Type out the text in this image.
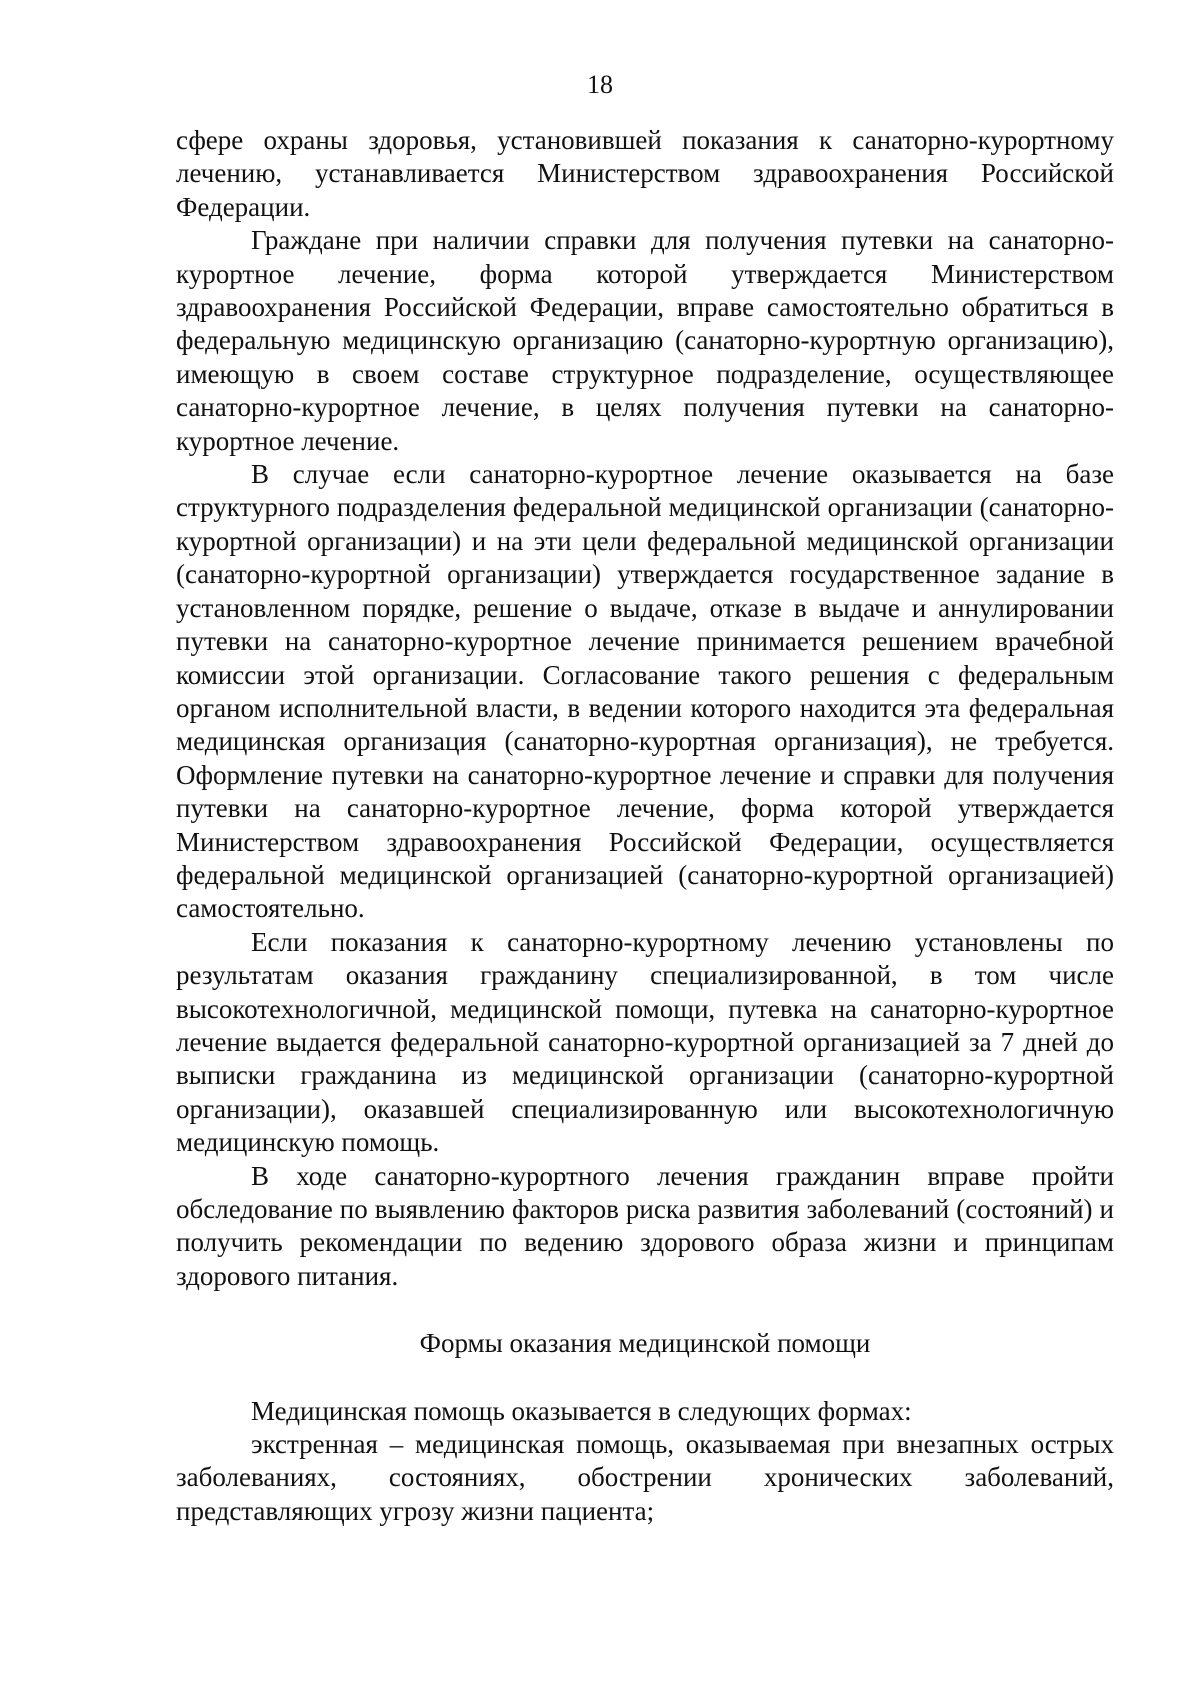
18

сфере охраны здоровья, установившей показания к санаторно-курортному лечению, устанавливается Министерством здравоохранения Российской Федерации.

Граждане при наличии справки для получения путевки на санаторно-курортное лечение, форма которой утверждается Министерством здравоохранения Российской Федерации, вправе самостоятельно обратиться в федеральную медицинскую организацию (санаторно-курортную организацию), имеющую в своем составе структурное подразделение, осуществляющее санаторно-курортное лечение, в целях получения путевки на санаторно-курортное лечение.

В случае если санаторно-курортное лечение оказывается на базе структурного подразделения федеральной медицинской организации (санаторно-курортной организации) и на эти цели федеральной медицинской организации (санаторно-курортной организации) утверждается государственное задание в установленном порядке, решение о выдаче, отказе в выдаче и аннулировании путевки на санаторно-курортное лечение принимается решением врачебной комиссии этой организации. Согласование такого решения с федеральным органом исполнительной власти, в ведении которого находится эта федеральная медицинская организация (санаторно-курортная организация), не требуется. Оформление путевки на санаторно-курортное лечение и справки для получения путевки на санаторно-курортное лечение, форма которой утверждается Министерством здравоохранения Российской Федерации, осуществляется федеральной медицинской организацией (санаторно-курортной организацией) самостоятельно.

Если показания к санаторно-курортному лечению установлены по результатам оказания гражданину специализированной, в том числе высокотехнологичной, медицинской помощи, путевка на санаторно-курортное лечение выдается федеральной санаторно-курортной организацией за 7 дней до выписки гражданина из медицинской организации (санаторно-курортной организации), оказавшей специализированную или высокотехнологичную медицинскую помощь.

В ходе санаторно-курортного лечения гражданин вправе пройти обследование по выявлению факторов риска развития заболеваний (состояний) и получить рекомендации по ведению здорового образа жизни и принципам здорового питания.

Формы оказания медицинской помощи

Медицинская помощь оказывается в следующих формах:

экстренная – медицинская помощь, оказываемая при внезапных острых заболеваниях, состояниях, обострении хронических заболеваний, представляющих угрозу жизни пациента;
